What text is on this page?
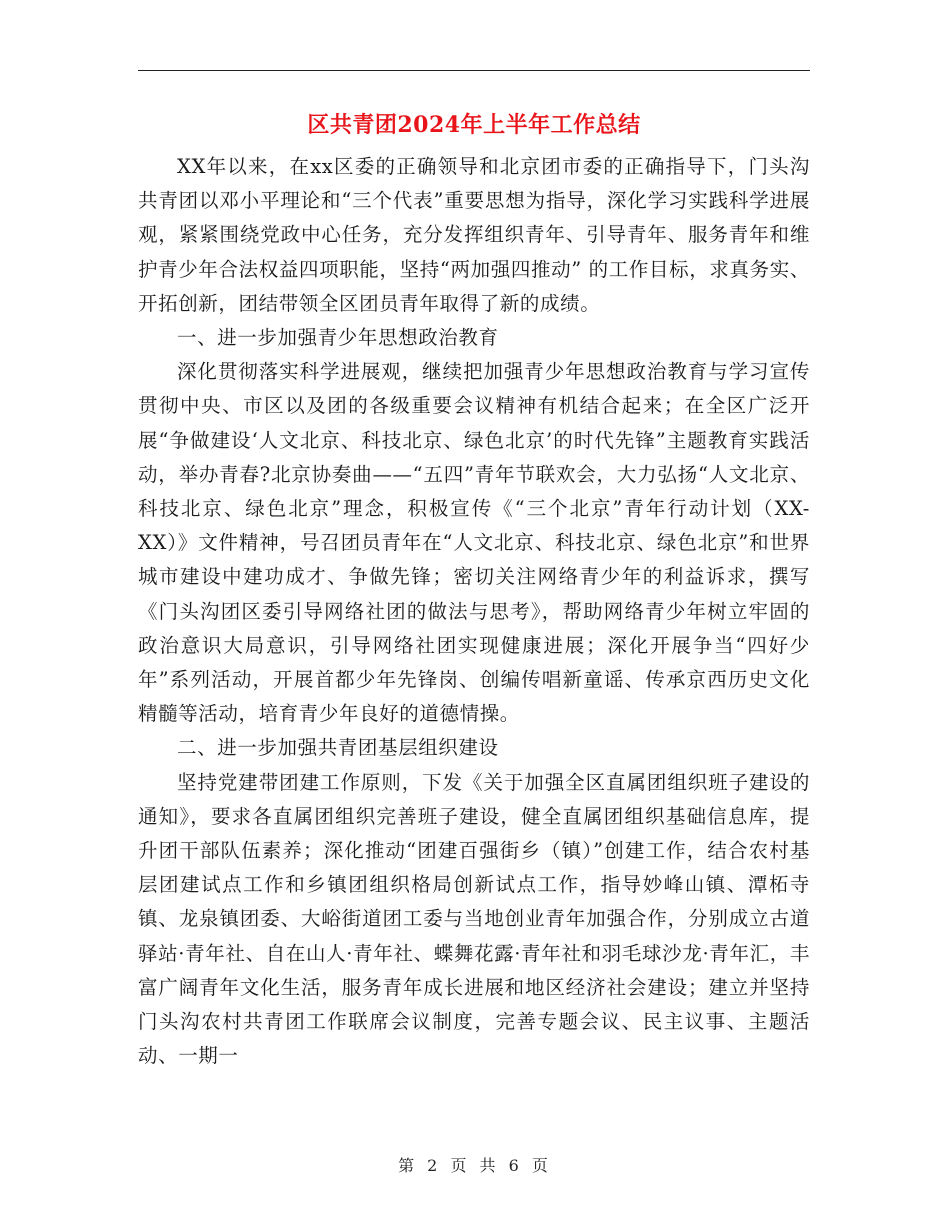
区共青团2024年上半年工作总结

XX年以来，在xx区委的正确领导和北京团市委的正确指导下，门头沟共青团以邓小平理论和“三个代表”重要思想为指导，深化学习实践科学进展观，紧紧围绕党政中心任务，充分发挥组织青年、引导青年、服务青年和维护青少年合法权益四项职能，坚持“两加强四推动” 的工作目标，求真务实、开拓创新，团结带领全区团员青年取得了新的成绩。

一、进一步加强青少年思想政治教育

深化贯彻落实科学进展观，继续把加强青少年思想政治教育与学习宣传贯彻中央、市区以及团的各级重要会议精神有机结合起来；在全区广泛开展“争做建设‘人文北京、科技北京、绿色北京’的时代先锋”主题教育实践活动，举办青春?北京协奏曲——“五四”青年节联欢会，大力弘扬“人文北京、科技北京、绿色北京”理念，积极宣传《“三个北京”青年行动计划（XX-XX）》文件精神，号召团员青年在“人文北京、科技北京、绿色北京”和世界城市建设中建功成才、争做先锋；密切关注网络青少年的利益诉求，撰写《门头沟团区委引导网络社团的做法与思考》，帮助网络青少年树立牢固的政治意识大局意识，引导网络社团实现健康进展；深化开展争当“四好少年”系列活动，开展首都少年先锋岗、创编传唱新童谣、传承京西历史文化精髓等活动，培育青少年良好的道德情操。

二、进一步加强共青团基层组织建设

坚持党建带团建工作原则，下发《关于加强全区直属团组织班子建设的通知》，要求各直属团组织完善班子建设，健全直属团组织基础信息库，提升团干部队伍素养；深化推动“团建百强街乡（镇）”创建工作，结合农村基层团建试点工作和乡镇团组织格局创新试点工作，指导妙峰山镇、潭柘寺镇、龙泉镇团委、大峪街道团工委与当地创业青年加强合作，分别成立古道驿站·青年社、自在山人·青年社、蝶舞花露·青年社和羽毛球沙龙·青年汇，丰富广阔青年文化生活，服务青年成长进展和地区经济社会建设；建立并坚持门头沟农村共青团工作联席会议制度，完善专题会议、民主议事、主题活动、一期一

第 2 页 共 6 页
